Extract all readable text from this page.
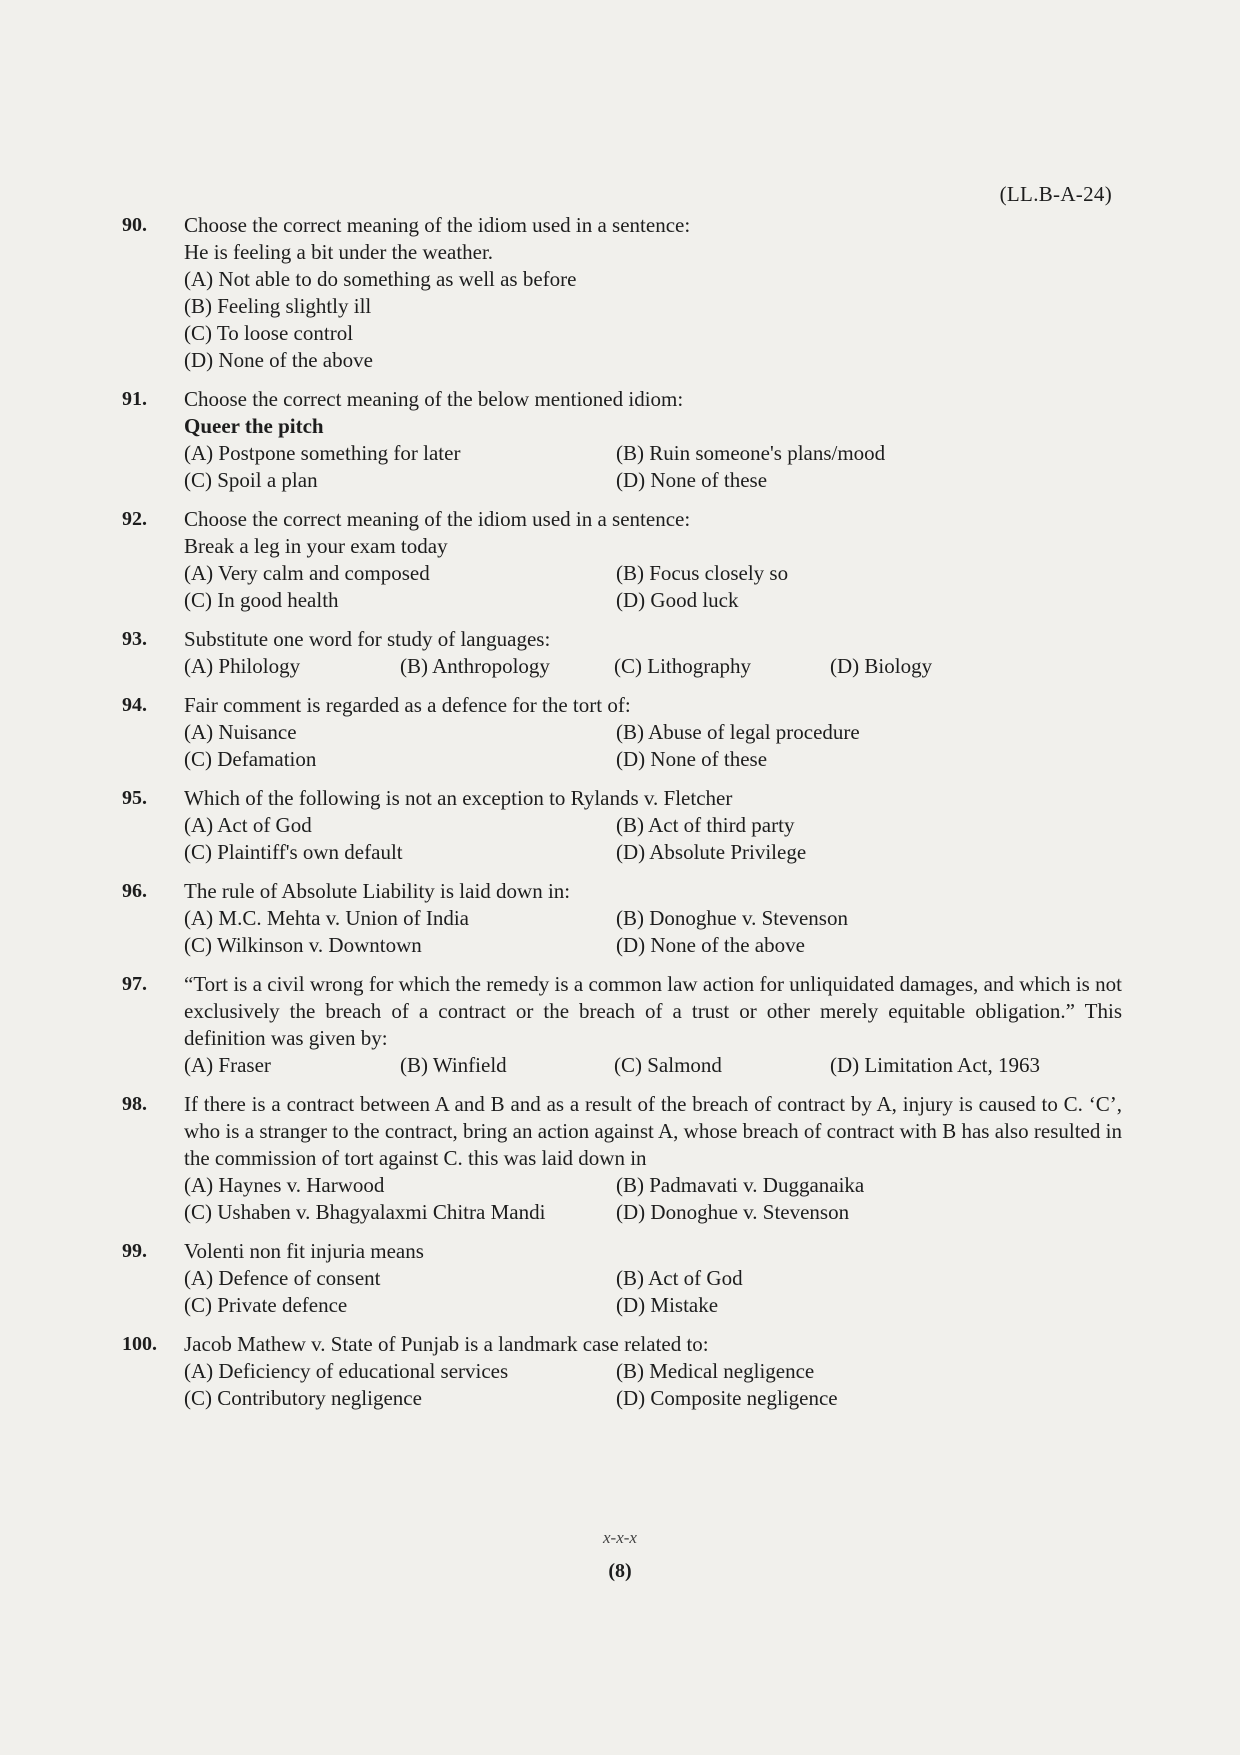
(LL.B-A-24)
90.	Choose the correct meaning of the idiom used in a sentence:
He is feeling a bit under the weather.
(A) Not able to do something as well as before
(B) Feeling slightly ill
(C) To loose control
(D) None of the above
91.	Choose the correct meaning of the below mentioned idiom:
Queer the pitch
(A) Postpone something for later	(B) Ruin someone's plans/mood
(C) Spoil a plan	(D) None of these
92.	Choose the correct meaning of the idiom used in a sentence:
Break a leg in your exam today
(A) Very calm and composed	(B) Focus closely so
(C) In good health	(D) Good luck
93.	Substitute one word for study of languages:
(A) Philology	(B) Anthropology	(C) Lithography	(D) Biology
94.	Fair comment is regarded as a defence for the tort of:
(A) Nuisance	(B) Abuse of legal procedure
(C) Defamation	(D) None of these
95.	Which of the following is not an exception to Rylands v. Fletcher
(A) Act of God	(B) Act of third party
(C) Plaintiff's own default	(D) Absolute Privilege
96.	The rule of Absolute Liability is laid down in:
(A) M.C. Mehta v. Union of India	(B) Donoghue v. Stevenson
(C) Wilkinson v. Downtown	(D) None of the above
97.	“Tort is a civil wrong for which the remedy is a common law action for unliquidated damages, and which is not exclusively the breach of a contract or the breach of a trust or other merely equitable obligation.” This definition was given by:
(A) Fraser	(B) Winfield	(C) Salmond	(D) Limitation Act, 1963
98.	If there is a contract between A and B and as a result of the breach of contract by A, injury is caused to C. ‘C’, who is a stranger to the contract, bring an action against A, whose breach of contract with B has also resulted in the commission of tort against C. this was laid down in
(A) Haynes v. Harwood	(B) Padmavati v. Dugganaika
(C) Ushaben v. Bhagyalaxmi Chitra Mandi	(D) Donoghue v. Stevenson
99.	Volenti non fit injuria means
(A) Defence of consent	(B) Act of God
(C) Private defence	(D) Mistake
100.	Jacob Mathew v. State of Punjab is a landmark case related to:
(A) Deficiency of educational services	(B) Medical negligence
(C) Contributory negligence	(D) Composite negligence
x-x-x
(8)
